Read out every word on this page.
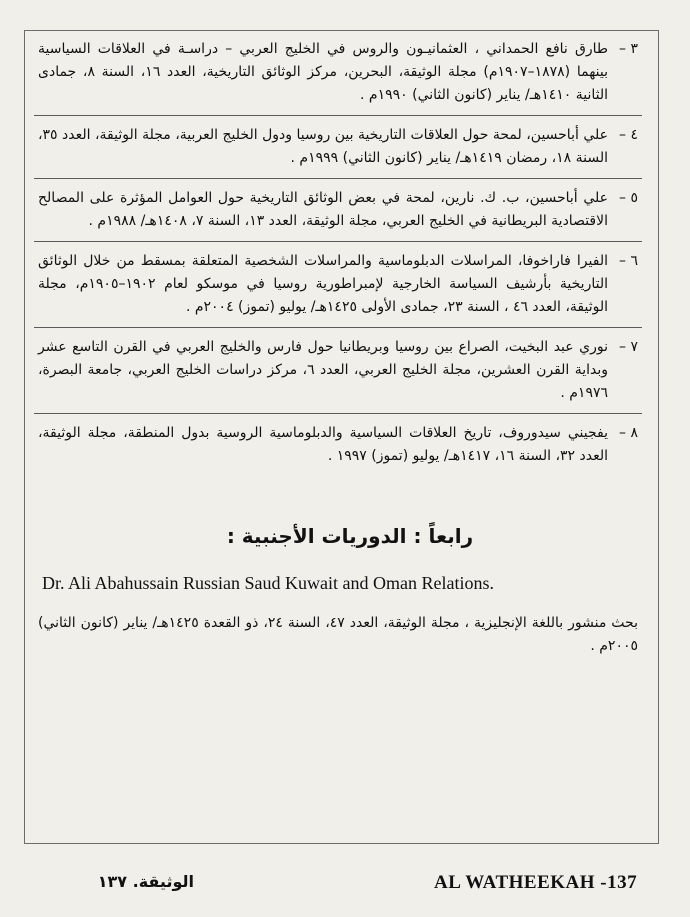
٣ –
طارق نافع الحمداني ، العثمانيـون والروس في الخليج العربي – دراسـة في العلاقات السياسية بينهما (١٨٧٨–١٩٠٧م) مجلة الوثيقة، البحرين، مركز الوثائق التاريخية، العدد ١٦، السنة ٨، جمادى الثانية ١٤١٠هـ/ يناير (كانون الثاني) ١٩٩٠م .
٤ –
علي أباحسين، لمحة حول العلاقات التاريخية بين روسيا ودول الخليج العربية، مجلة الوثيقة، العدد ٣٥، السنة ١٨، رمضان ١٤١٩هـ/ يناير (كانون الثاني) ١٩٩٩م .
٥ –
علي أباحسين، ب. ك. نارين، لمحة في بعض الوثائق التاريخية حول العوامل المؤثرة على المصالح الاقتصادية البريطانية في الخليج العربي، مجلة الوثيقة، العدد ١٣، السنة ٧، ١٤٠٨هـ/ ١٩٨٨م .
٦ –
الفيرا فاراخوفا، المراسلات الدبلوماسية والمراسلات الشخصية المتعلقة بمسقط من خلال الوثائق التاريخية بأرشيف السياسة الخارجية لإمبراطورية روسيا في موسكو لعام ١٩٠٢–١٩٠٥م، مجلة الوثيقة، العدد ٤٦ ، السنة ٢٣، جمادى الأولى ١٤٢٥هـ/ يوليو (تموز) ٢٠٠٤م .
٧ –
نوري عبد البخيت، الصراع بين روسيا وبريطانيا حول فارس والخليج العربي في القرن التاسع عشر وبداية القرن العشرين، مجلة الخليج العربي، العدد ٦، مركز دراسات الخليج العربي، جامعة البصرة، ١٩٧٦م .
٨ –
يفجيني سيدوروف، تاريخ العلاقات السياسية والدبلوماسية الروسية بدول المنطقة، مجلة الوثيقة، العدد ٣٢، السنة ١٦، ١٤١٧هـ/ يوليو (تموز) ١٩٩٧ .
رابعاً : الدوريات الأجنبية :
Dr. Ali Abahussain Russian Saud Kuwait and Oman Relations.
بحث منشور باللغة الإنجليزية ، مجلة الوثيقة، العدد ٤٧، السنة ٢٤، ذو القعدة ١٤٢٥هـ/ يناير (كانون الثاني) ٢٠٠٥م .
AL WATHEEKAH -137
الوثيقة. ١٣٧
